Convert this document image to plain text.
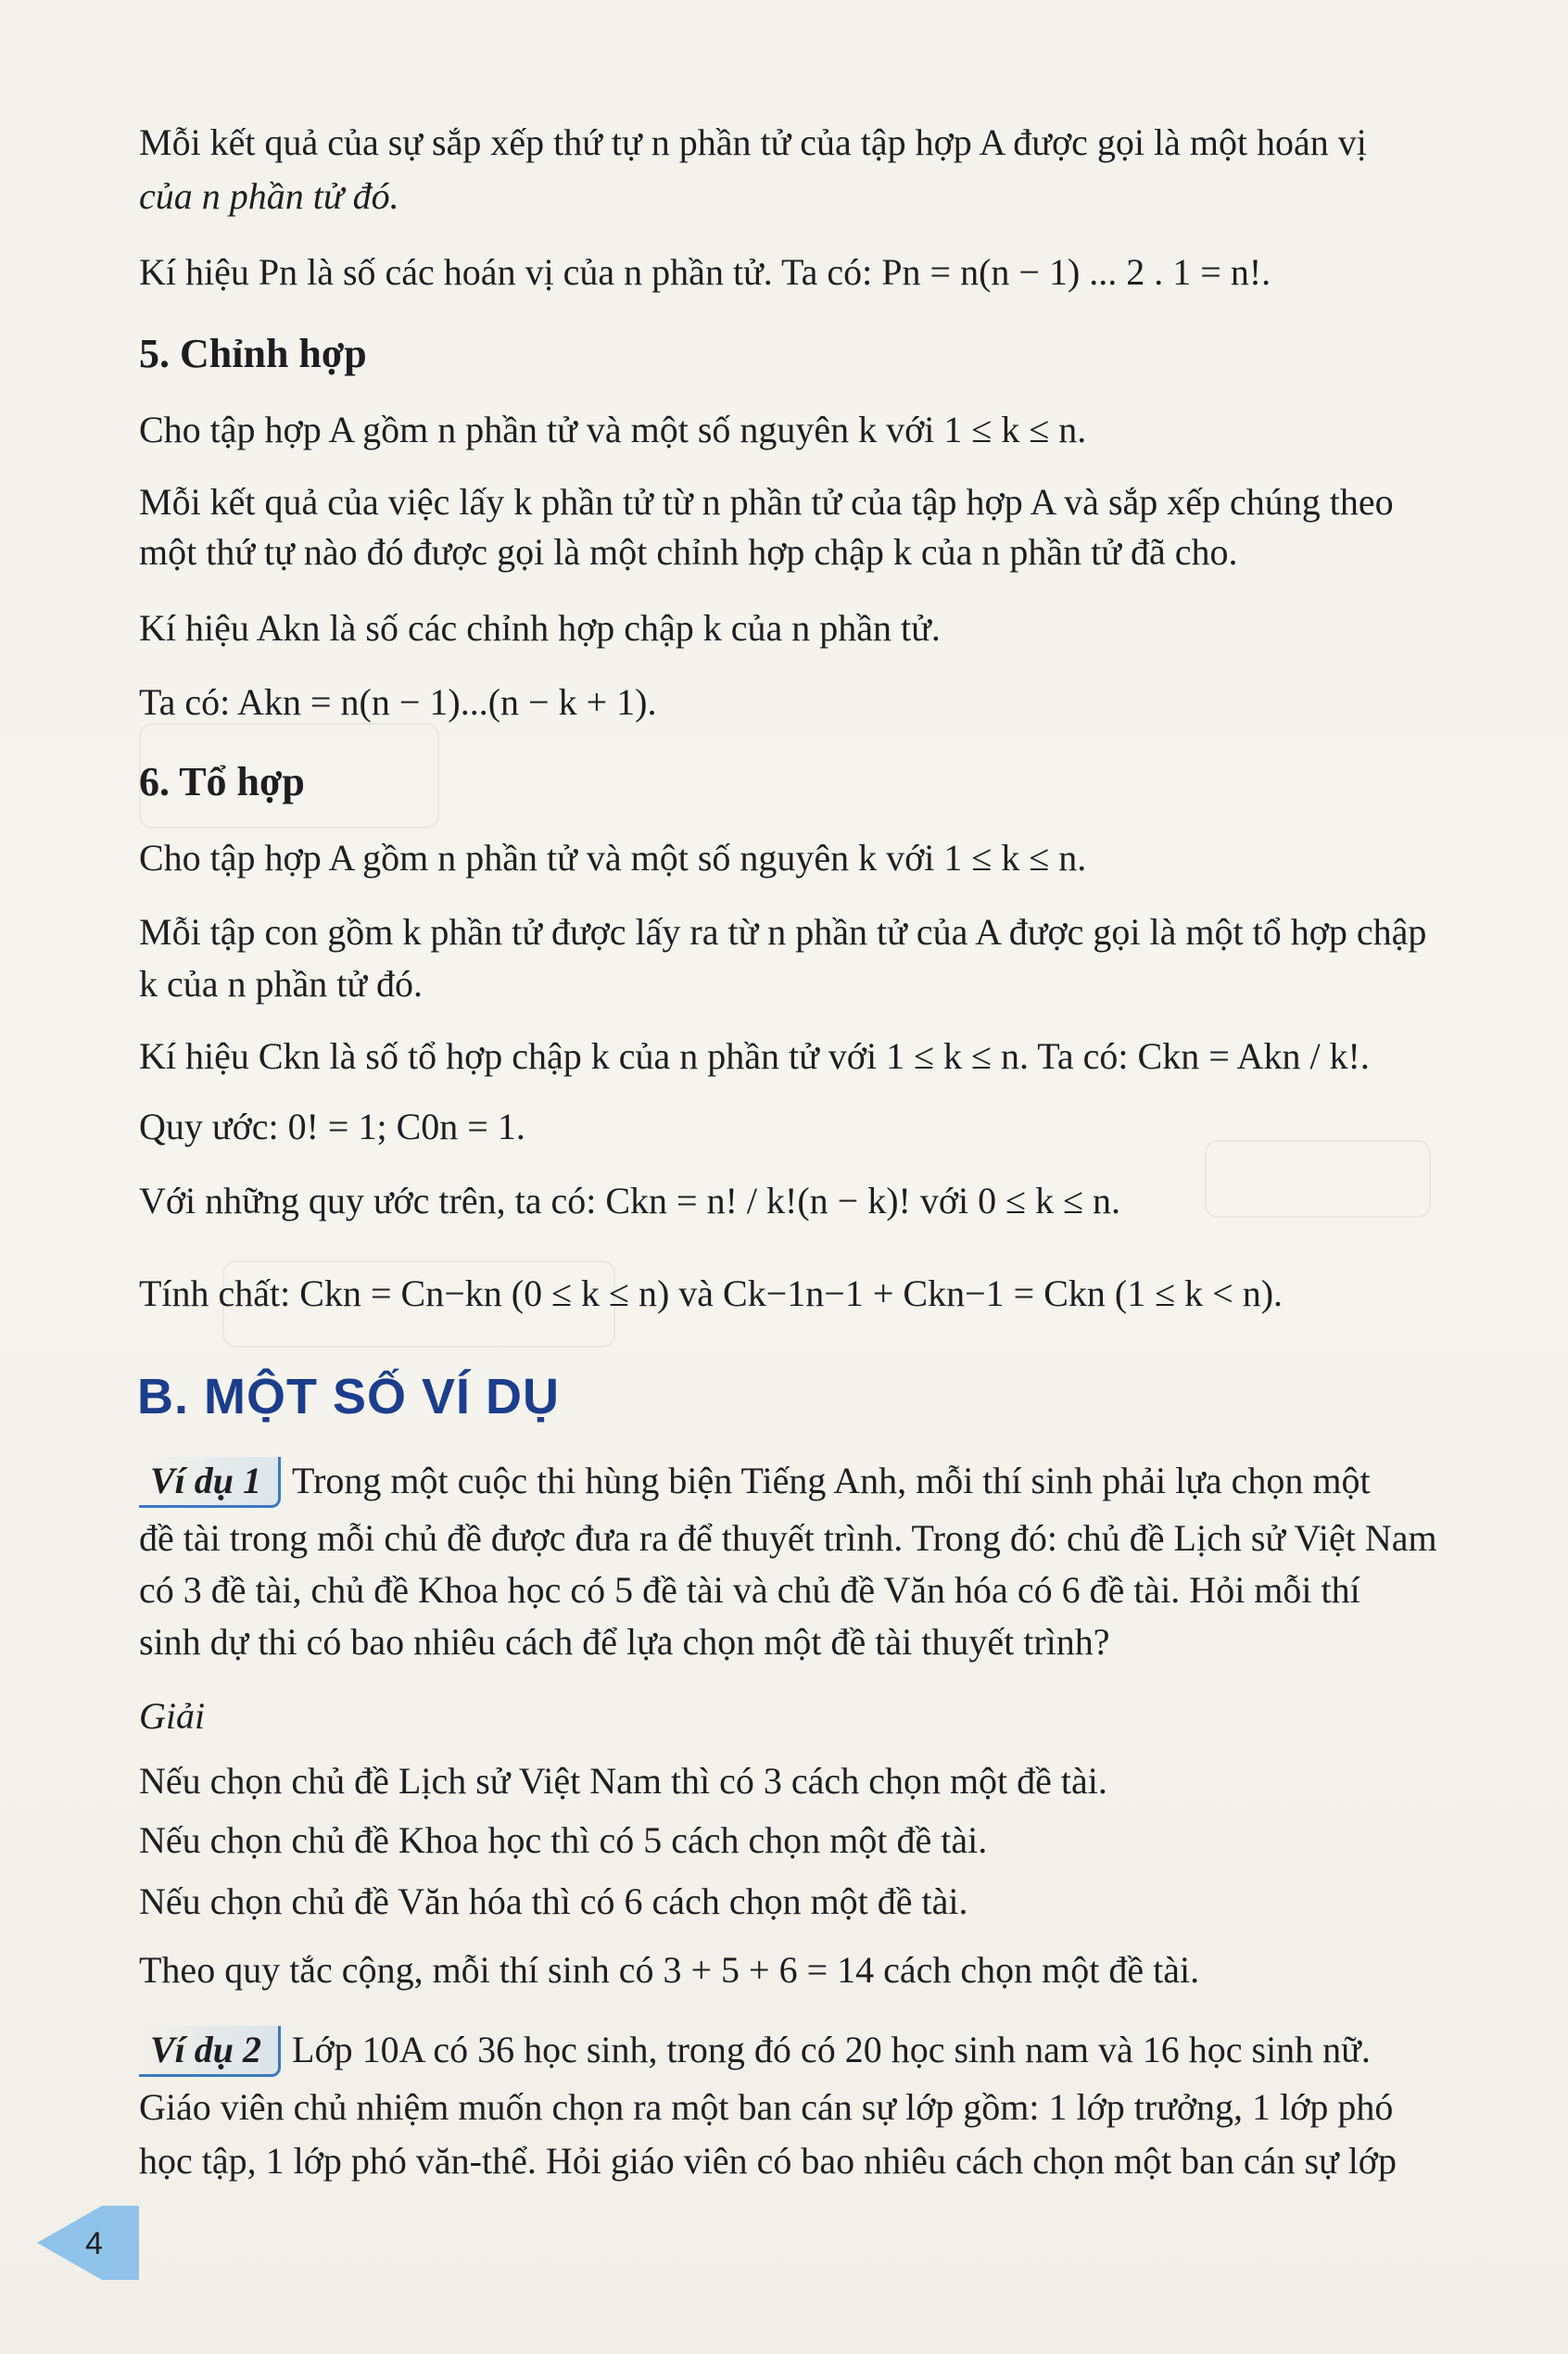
Mỗi kết quả của sự sắp xếp thứ tự n phần tử của tập hợp A được gọi là một hoán vị
của n phần tử đó.
Kí hiệu Pn là số các hoán vị của n phần tử. Ta có: Pn = n(n − 1) ... 2 . 1 = n!.
5. Chỉnh hợp
Cho tập hợp A gồm n phần tử và một số nguyên k với 1 ≤ k ≤ n.
Mỗi kết quả của việc lấy k phần tử từ n phần tử của tập hợp A và sắp xếp chúng theo
một thứ tự nào đó được gọi là một chỉnh hợp chập k của n phần tử đã cho.
Kí hiệu Akn là số các chỉnh hợp chập k của n phần tử.
Ta có: Akn = n(n − 1)...(n − k + 1).
6. Tổ hợp
Cho tập hợp A gồm n phần tử và một số nguyên k với 1 ≤ k ≤ n.
Mỗi tập con gồm k phần tử được lấy ra từ n phần tử của A được gọi là một tổ hợp chập
k của n phần tử đó.
Kí hiệu Ckn là số tổ hợp chập k của n phần tử với 1 ≤ k ≤ n. Ta có: Ckn = Akn / k!.
Quy ước: 0! = 1; C0n = 1.
Với những quy ước trên, ta có: Ckn = n! / k!(n − k)! với 0 ≤ k ≤ n.
Tính chất: Ckn = Cn−kn (0 ≤ k ≤ n) và Ck−1n−1 + Ckn−1 = Ckn (1 ≤ k < n).
B. MỘT SỐ VÍ DỤ
Ví dụ 1 Trong một cuộc thi hùng biện Tiếng Anh, mỗi thí sinh phải lựa chọn một
đề tài trong mỗi chủ đề được đưa ra để thuyết trình. Trong đó: chủ đề Lịch sử Việt Nam
có 3 đề tài, chủ đề Khoa học có 5 đề tài và chủ đề Văn hóa có 6 đề tài. Hỏi mỗi thí
sinh dự thi có bao nhiêu cách để lựa chọn một đề tài thuyết trình?
Giải
Nếu chọn chủ đề Lịch sử Việt Nam thì có 3 cách chọn một đề tài.
Nếu chọn chủ đề Khoa học thì có 5 cách chọn một đề tài.
Nếu chọn chủ đề Văn hóa thì có 6 cách chọn một đề tài.
Theo quy tắc cộng, mỗi thí sinh có 3 + 5 + 6 = 14 cách chọn một đề tài.
Ví dụ 2 Lớp 10A có 36 học sinh, trong đó có 20 học sinh nam và 16 học sinh nữ.
Giáo viên chủ nhiệm muốn chọn ra một ban cán sự lớp gồm: 1 lớp trưởng, 1 lớp phó
học tập, 1 lớp phó văn-thể. Hỏi giáo viên có bao nhiêu cách chọn một ban cán sự lớp
4
